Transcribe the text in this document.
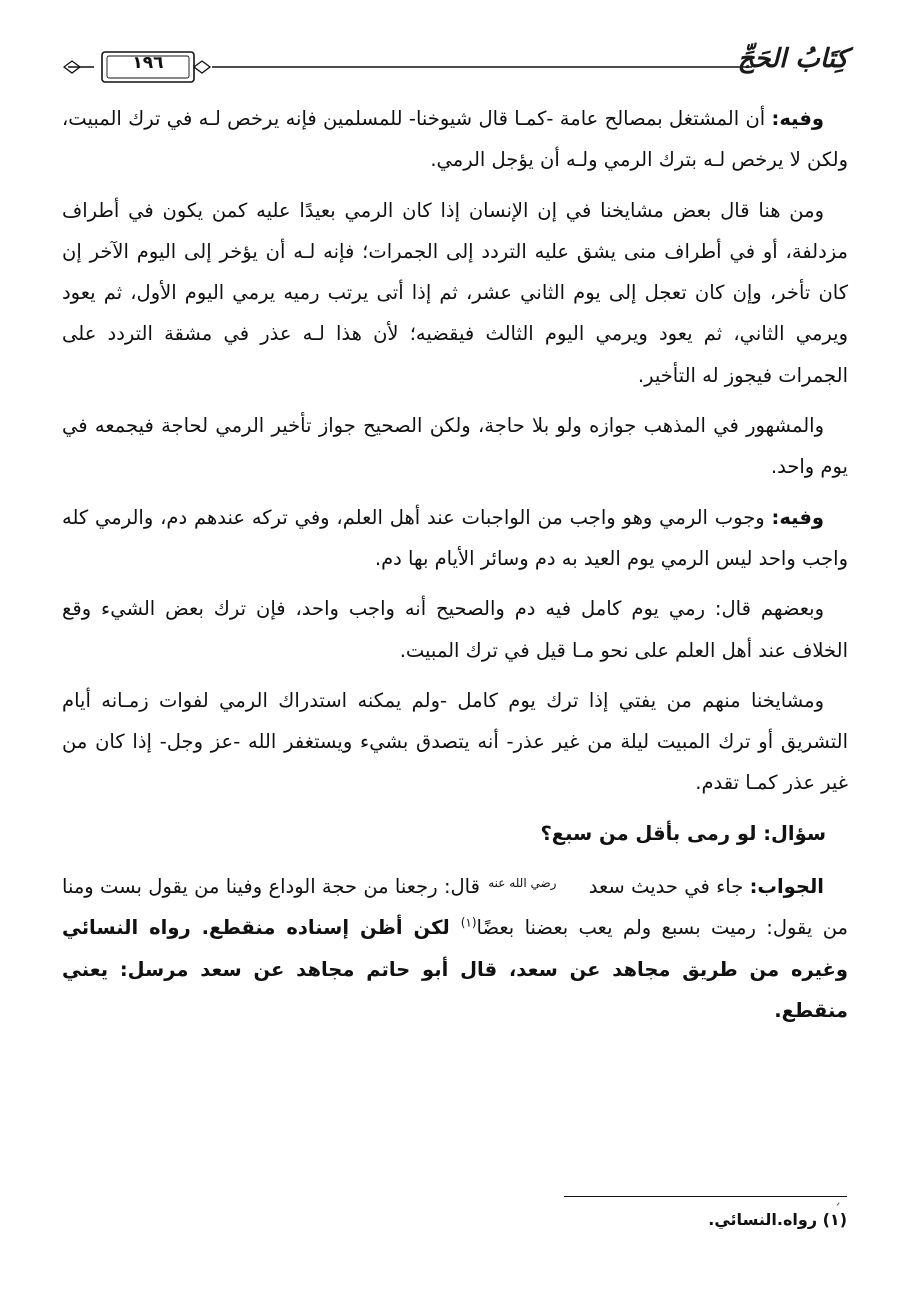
١٩٦	كِتَابُ الحَجِّ

وفيه: أن المشتغل بمصالح عامة -كمـا قال شيوخنا- للمسلمين فإنه يرخص لـه في ترك المبيت، ولكن لا يرخص لـه بترك الرمي ولـه أن يؤجل الرمي.

ومن هنا قال بعض مشايخنا في إن الإنسان إذا كان الرمي بعيدًا عليه كمن يكون في أطراف مزدلفة، أو في أطراف منى يشق عليه التردد إلى الجمرات؛ فإنه لـه أن يؤخر إلى اليوم الآخر إن كان تأخر، وإن كان تعجل إلى يوم الثاني عشر، ثم إذا أتى يرتب رميه يرمي اليوم الأول، ثم يعود ويرمي الثاني، ثم يعود ويرمي اليوم الثالث فيقضيه؛ لأن هذا لـه عذر في مشقة التردد على الجمرات فيجوز له التأخير.

والمشهور في المذهب جوازه ولو بلا حاجة، ولكن الصحيح جواز تأخير الرمي لحاجة فيجمعه في يوم واحد.

وفيه: وجوب الرمي وهو واجب من الواجبات عند أهل العلم، وفي تركه عندهم دم، والرمي كله واجب واحد ليس الرمي يوم العيد به دم وسائر الأيام بها دم.

وبعضهم قال: رمي يوم كامل فيه دم والصحيح أنه واجب واحد، فإن ترك بعض الشيء وقع الخلاف عند أهل العلم على نحو مـا قيل في ترك المبيت.

ومشايخنا منهم من يفتي إذا ترك يوم كامل -ولم يمكنه استدراك الرمي لفوات زمـانه أيام التشريق أو ترك المبيت ليلة من غير عذر- أنه يتصدق بشيء ويستغفر الله -عز وجل- إذا كان من غير عذر كمـا تقدم.

سؤال: لو رمى بأقل من سبع؟

الجواب: جاء في حديث سعد رضي الله عنه قال: رجعنا من حجة الوداع وفينا من يقول بست ومنا من يقول: رميت بسبع ولم يعب بعضنا بعضًا$^{(١)}$ لكن أظن إسناده منقطع. رواه النسائي وغيره من طريق مجاهد عن سعد، قال أبو حاتم مجاهد عن سعد مرسل: يعني منقطع.

(١) رواه.النسائي.
ˏ
